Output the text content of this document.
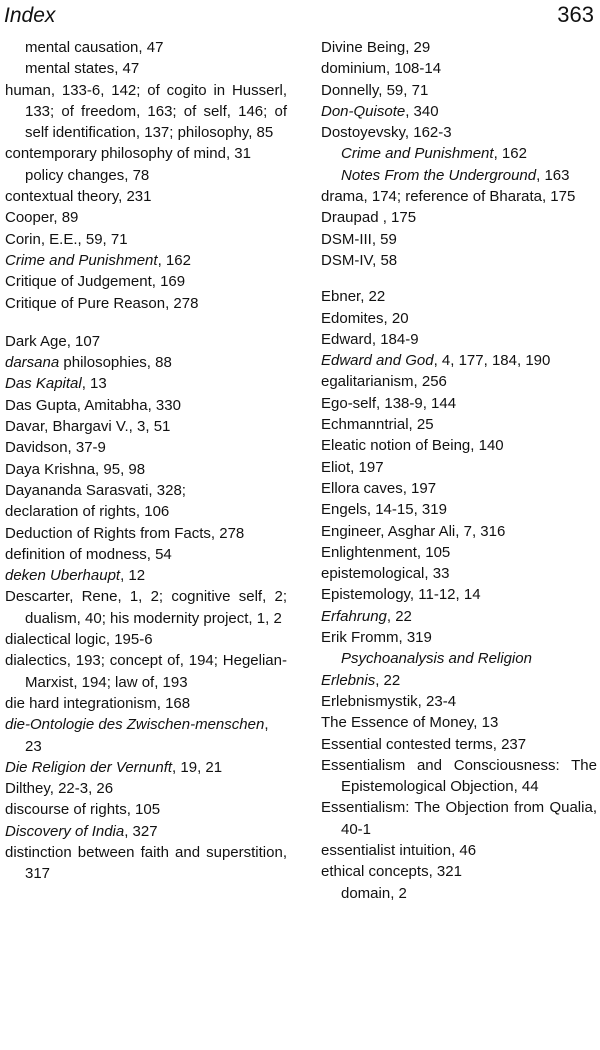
Index	363

mental causation, 47

mental states, 47

human, 133-6, 142; of cogito in Husserl, 133; of freedom, 163; of self, 146; of self identification, 137; philosophy, 85

contemporary philosophy of mind, 31

policy changes, 78

contextual theory, 231

Cooper, 89

Corin, E.E., 59, 71

Crime and Punishment, 162

Critique of Judgement, 169

Critique of Pure Reason, 278

Dark Age, 107

darsana philosophies, 88

Das Kapital, 13

Das Gupta, Amitabha, 330

Davar, Bhargavi V., 3, 51

Davidson, 37-9

Daya Krishna, 95, 98

Dayananda Sarasvati, 328;

declaration of rights, 106

Deduction of Rights from Facts, 278

definition of modness, 54

deken Uberhaupt, 12

Descarter, Rene, 1, 2; cognitive self, 2; dualism, 40; his modernity project, 1, 2

dialectical logic, 195-6

dialectics, 193; concept of, 194; Hegelian-Marxist, 194; law of, 193

die hard integrationism, 168

die-Ontologie des Zwischen-menschen, 23

Die Religion der Vernunft, 19, 21

Dilthey, 22-3, 26

discourse of rights, 105

Discovery of India, 327

distinction between faith and superstition, 317

Divine Being, 29

dominium, 108-14

Donnelly, 59, 71

Don-Quisote, 340

Dostoyevsky, 162-3

Crime and Punishment, 162

Notes From the Underground, 163

drama, 174; reference of Bharata, 175

Draupad , 175

DSM-III, 59

DSM-IV, 58

Ebner, 22

Edomites, 20

Edward, 184-9

Edward and God, 4, 177, 184, 190

egalitarianism, 256

Ego-self, 138-9, 144

Echmanntrial, 25

Eleatic notion of Being, 140

Eliot, 197

Ellora caves, 197

Engels, 14-15, 319

Engineer, Asghar Ali, 7, 316

Enlightenment, 105

epistemological, 33

Epistemology, 11-12, 14

Erfahrung, 22

Erik Fromm, 319

Psychoanalysis and Religion

Erlebnis, 22

Erlebnismystik, 23-4

The Essence of Money, 13

Essential contested terms, 237

Essentialism and Consciousness: The Epistemological Objection, 44

Essentialism: The Objection from Qualia, 40-1

essentialist intuition, 46

ethical concepts, 321

domain, 2
